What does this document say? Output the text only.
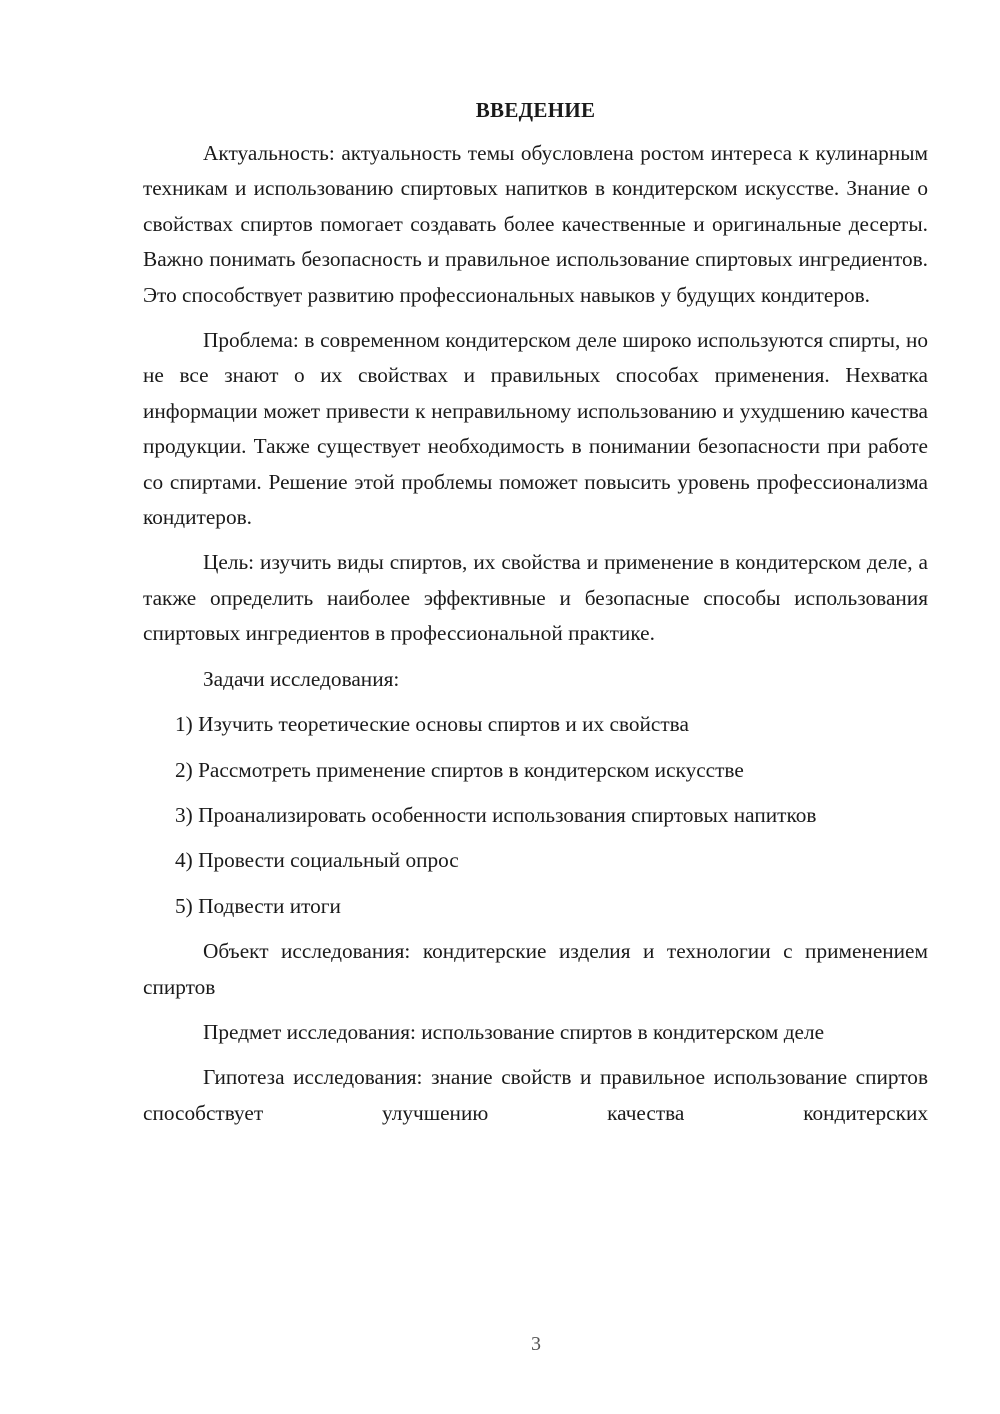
ВВЕДЕНИЕ

Актуальность: актуальность темы обусловлена ростом интереса к кулинарным техникам и использованию спиртовых напитков в кондитерском искусстве. Знание о свойствах спиртов помогает создавать более качественные и оригинальные десерты. Важно понимать безопасность и правильное использование спиртовых ингредиентов. Это способствует развитию профессиональных навыков у будущих кондитеров.

Проблема: в современном кондитерском деле широко используются спирты, но не все знают о их свойствах и правильных способах применения. Нехватка информации может привести к неправильному использованию и ухудшению качества продукции. Также существует необходимость в понимании безопасности при работе со спиртами. Решение этой проблемы поможет повысить уровень профессионализма кондитеров.

Цель: изучить виды спиртов, их свойства и применение в кондитерском деле, а также определить наиболее эффективные и безопасные способы использования спиртовых ингредиентов в профессиональной практике.

Задачи исследования:

1) Изучить теоретические основы спиртов и их свойства

2) Рассмотреть применение спиртов в кондитерском искусстве

3) Проанализировать особенности использования спиртовых напитков

4) Провести социальный опрос

5) Подвести итоги

Объект исследования: кондитерские изделия и технологии с применением спиртов

Предмет исследования: использование спиртов в кондитерском деле

Гипотеза исследования: знание свойств и правильное использование спиртов способствует улучшению качества кондитерских

3
